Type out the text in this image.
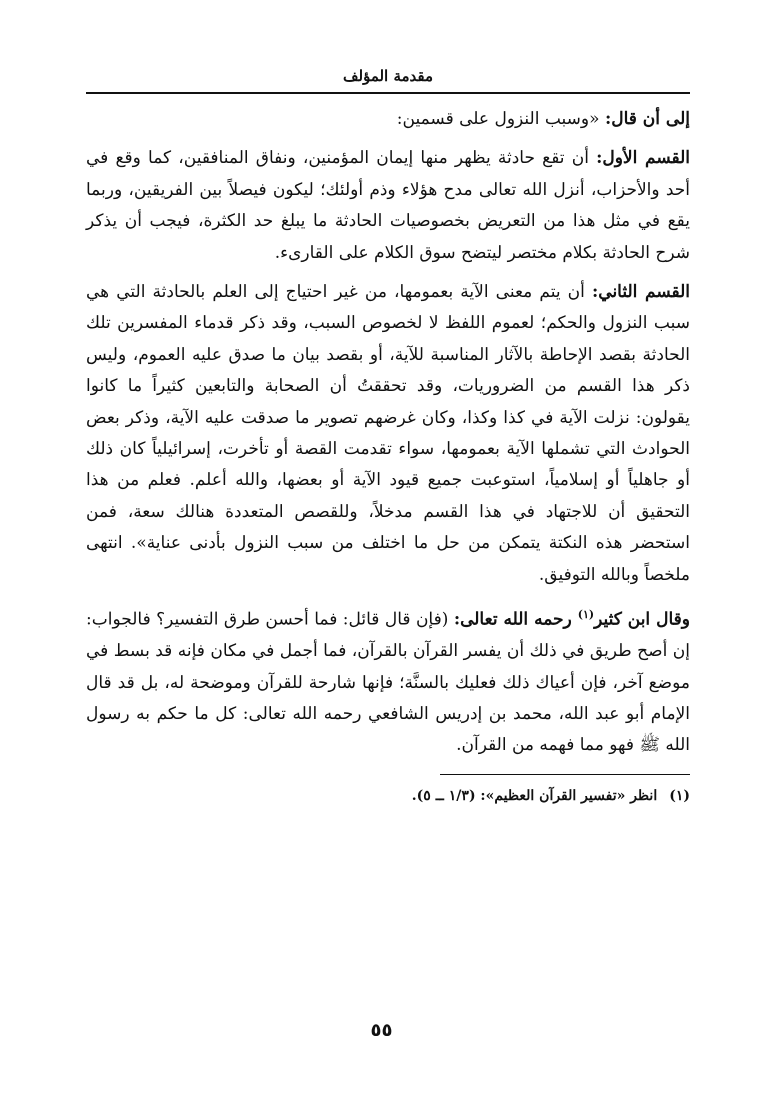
مقدمة المؤلف

إلى أن قال: «وسبب النزول على قسمين:

القسم الأول: أن تقع حادثة يظهر منها إيمان المؤمنين، ونفاق المنافقين، كما وقع في أحد والأحزاب، أنزل الله تعالى مدح هؤلاء وذم أولئك؛ ليكون فيصلاً بين الفريقين، وربما يقع في مثل هذا من التعريض بخصوصيات الحادثة ما يبلغ حد الكثرة، فيجب أن يذكر شرح الحادثة بكلام مختصر ليتضح سوق الكلام على القارىء.

القسم الثاني: أن يتم معنى الآية بعمومها، من غير احتياج إلى العلم بالحادثة التي هي سبب النزول والحكم؛ لعموم اللفظ لا لخصوص السبب، وقد ذكر قدماء المفسرين تلك الحادثة بقصد الإحاطة بالآثار المناسبة للآية، أو بقصد بيان ما صدق عليه العموم، وليس ذكر هذا القسم من الضروريات، وقد تحققتُ أن الصحابة والتابعين كثيراً ما كانوا يقولون: نزلت الآية في كذا وكذا، وكان غرضهم تصوير ما صدقت عليه الآية، وذكر بعض الحوادث التي تشملها الآية بعمومها، سواء تقدمت القصة أو تأخرت، إسرائيلياً كان ذلك أو جاهلياً أو إسلامياً، استوعبت جميع قيود الآية أو بعضها، والله أعلم. فعلم من هذا التحقيق أن للاجتهاد في هذا القسم مدخلاً، وللقصص المتعددة هنالك سعة، فمن استحضر هذه النكتة يتمكن من حل ما اختلف من سبب النزول بأدنى عناية». انتهى ملخصاً وبالله التوفيق.

وقال ابن كثير$^{(١)}$ رحمه الله تعالى: (فإن قال قائل: فما أحسن طرق التفسير؟ فالجواب: إن أصح طريق في ذلك أن يفسر القرآن بالقرآن، فما أجمل في مكان فإنه قد بسط في موضع آخر، فإن أعياك ذلك فعليك بالسنَّة؛ فإنها شارحة للقرآن وموضحة له، بل قد قال الإمام أبو عبد الله، محمد بن إدريس الشافعي رحمه الله تعالى: كل ما حكم به رسول الله ﷺ فهو مما فهمه من القرآن.

(١)انظر «تفسير القرآن العظيم»: (١/٣ ــ ٥).

٥٥
